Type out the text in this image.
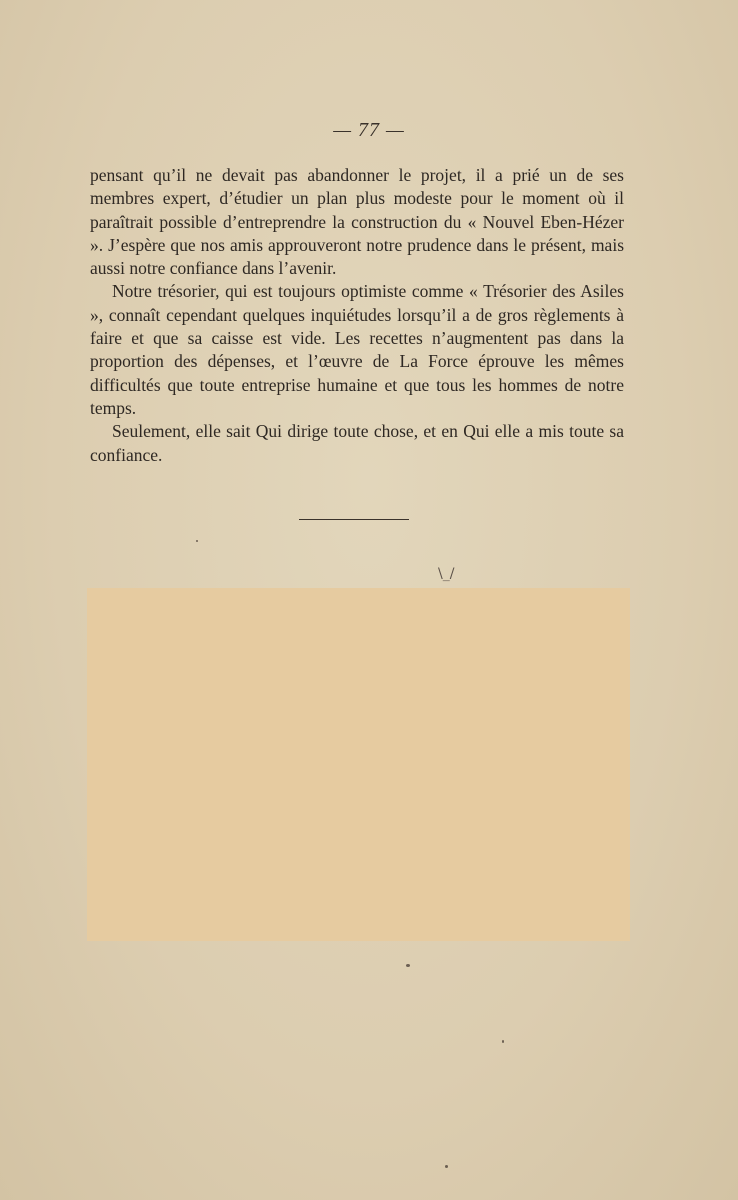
— 77 —

pensant qu’il ne devait pas abandonner le projet, il a prié un de ses membres expert, d’étudier un plan plus modeste pour le moment où il paraîtrait possible d’entreprendre la construction du « Nouvel Eben-Hézer ». J’espère que nos amis approuveront notre prudence dans le présent, mais aussi notre confiance dans l’avenir.

Notre trésorier, qui est toujours optimiste comme « Trésorier des Asiles », connaît cependant quelques inquiétudes lorsqu’il a de gros règlements à faire et que sa caisse est vide. Les recettes n’augmentent pas dans la proportion des dépenses, et l’œuvre de La Force éprouve les mêmes difficultés que toute entreprise humaine et que tous les hommes de notre temps.

Seulement, elle sait Qui dirige toute chose, et en Qui elle a mis toute sa confiance.

\_/
